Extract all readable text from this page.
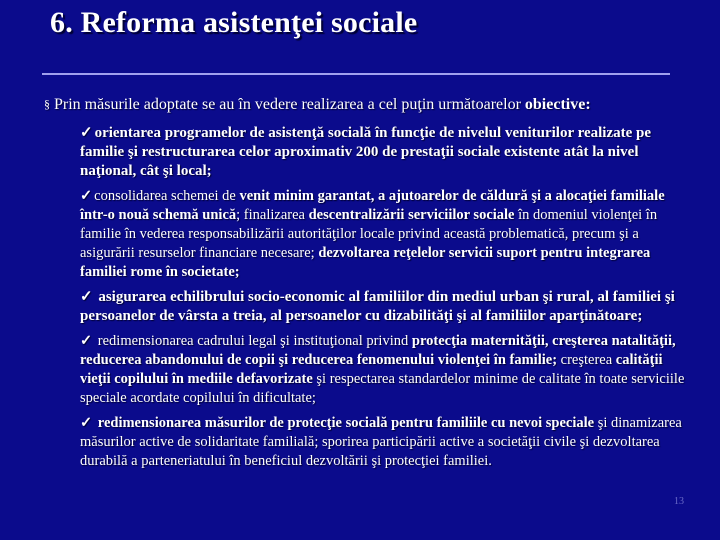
6. Reforma asistenţei sociale
§ Prin măsurile adoptate se au în vedere realizarea a cel puţin următoarelor obiective:
✓ orientarea programelor de asistenţă socială în funcţie de nivelul veniturilor realizate pe familie şi restructurarea celor aproximativ 200 de prestaţii sociale existente atât la nivel naţional, cât şi local;
✓ consolidarea schemei de venit minim garantat, a ajutoarelor de căldură şi a alocaţiei familiale într-o nouă schemă unică; finalizarea descentralizării serviciilor sociale în domeniul violenţei în familie în vederea responsabilizării autorităţilor locale privind această problematică, precum şi a asigurării resurselor financiare necesare; dezvoltarea reţelelor servicii suport pentru integrarea familiei rome în societate;
✓ asigurarea echilibrului socio-economic al familiilor din mediul urban şi rural, al familiei şi persoanelor de vârsta a treia, al persoanelor cu dizabilităţi şi al familiilor aparţinătoare;
✓ redimensionarea cadrului legal şi instituţional privind protecţia maternităţii, creşterea natalităţii, reducerea abandonului de copii şi reducerea fenomenului violenţei în familie; creşterea calităţii vieţii copilului în mediile defavorizate şi respectarea standardelor minime de calitate în toate serviciile speciale acordate copilului în dificultate;
✓ redimensionarea măsurilor de protecţie socială pentru familiile cu nevoi speciale şi dinamizarea măsurilor active de solidaritate familială; sporirea participării active a societăţii civile şi dezvoltarea durabilă a parteneriatului în beneficiul dezvoltării şi protecţiei familiei.
13
